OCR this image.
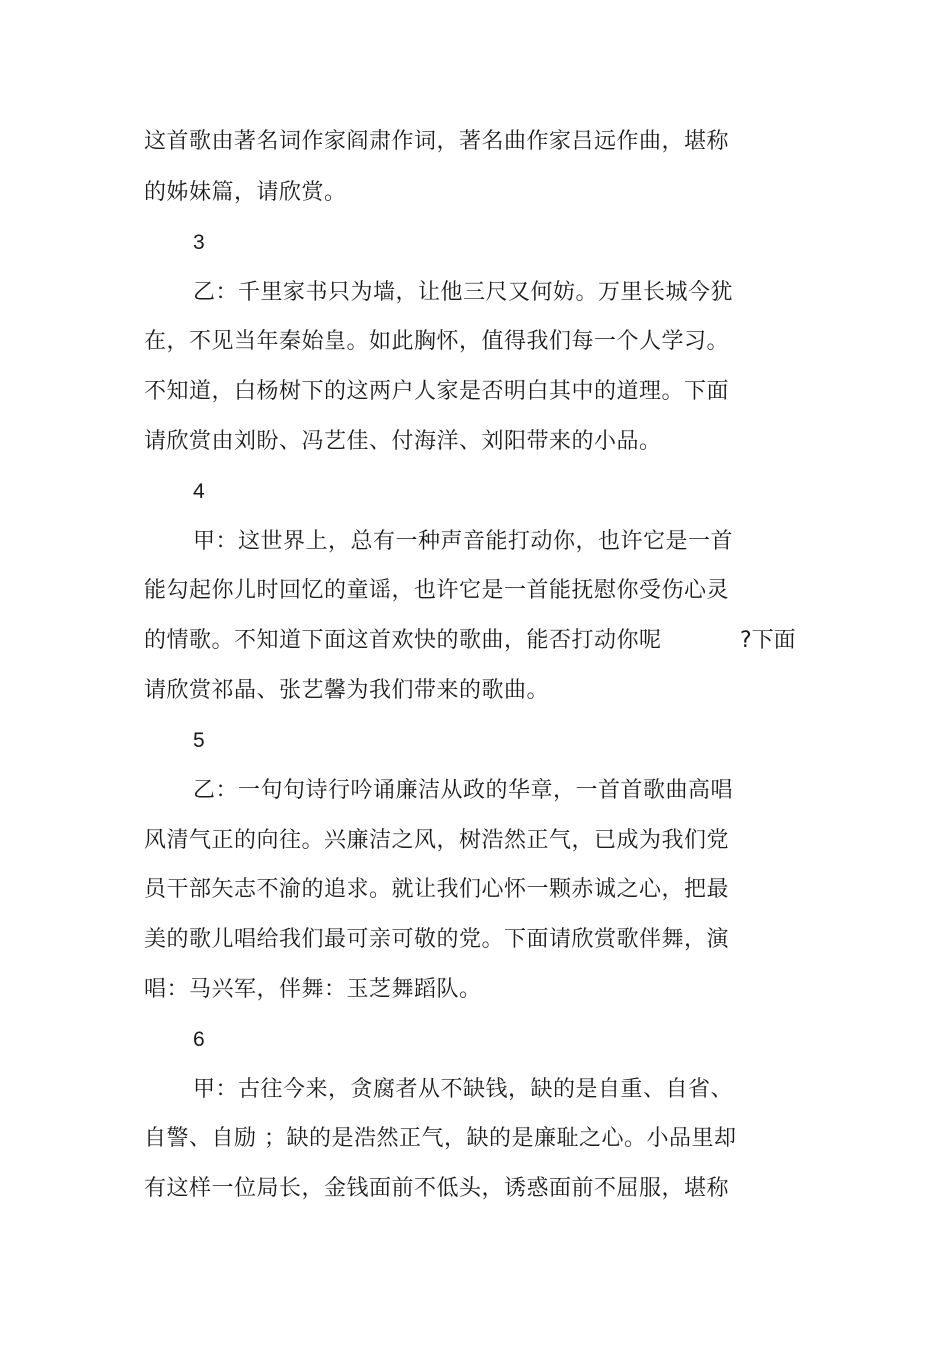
这首歌由著名词作家阎肃作词，著名曲作家吕远作曲，堪称
的姊妹篇，请欣赏。
3
乙：千里家书只为墙，让他三尺又何妨。万里长城今犹
在，不见当年秦始皇。如此胸怀，值得我们每一个人学习。
不知道，白杨树下的这两户人家是否明白其中的道理。下面
请欣赏由刘盼、冯艺佳、付海洋、刘阳带来的小品。
4
甲：这世界上，总有一种声音能打动你，也许它是一首
能勾起你儿时回忆的童谣，也许它是一首能抚慰你受伤心灵
的情歌。不知道下面这首欢快的歌曲，能否打动你呢	?下面
请欣赏祁晶、张艺馨为我们带来的歌曲。
5
乙：一句句诗行吟诵廉洁从政的华章，一首首歌曲高唱
风清气正的向往。兴廉洁之风，树浩然正气，已成为我们党
员干部矢志不渝的追求。就让我们心怀一颗赤诚之心，把最
美的歌儿唱给我们最可亲可敬的党。下面请欣赏歌伴舞，演
唱：马兴军，伴舞：玉芝舞蹈队。
6
甲：古往今来，贪腐者从不缺钱，缺的是自重、自省、
自警、自励 ；缺的是浩然正气，缺的是廉耻之心。小品里却
有这样一位局长，金钱面前不低头，诱惑面前不屈服，堪称
